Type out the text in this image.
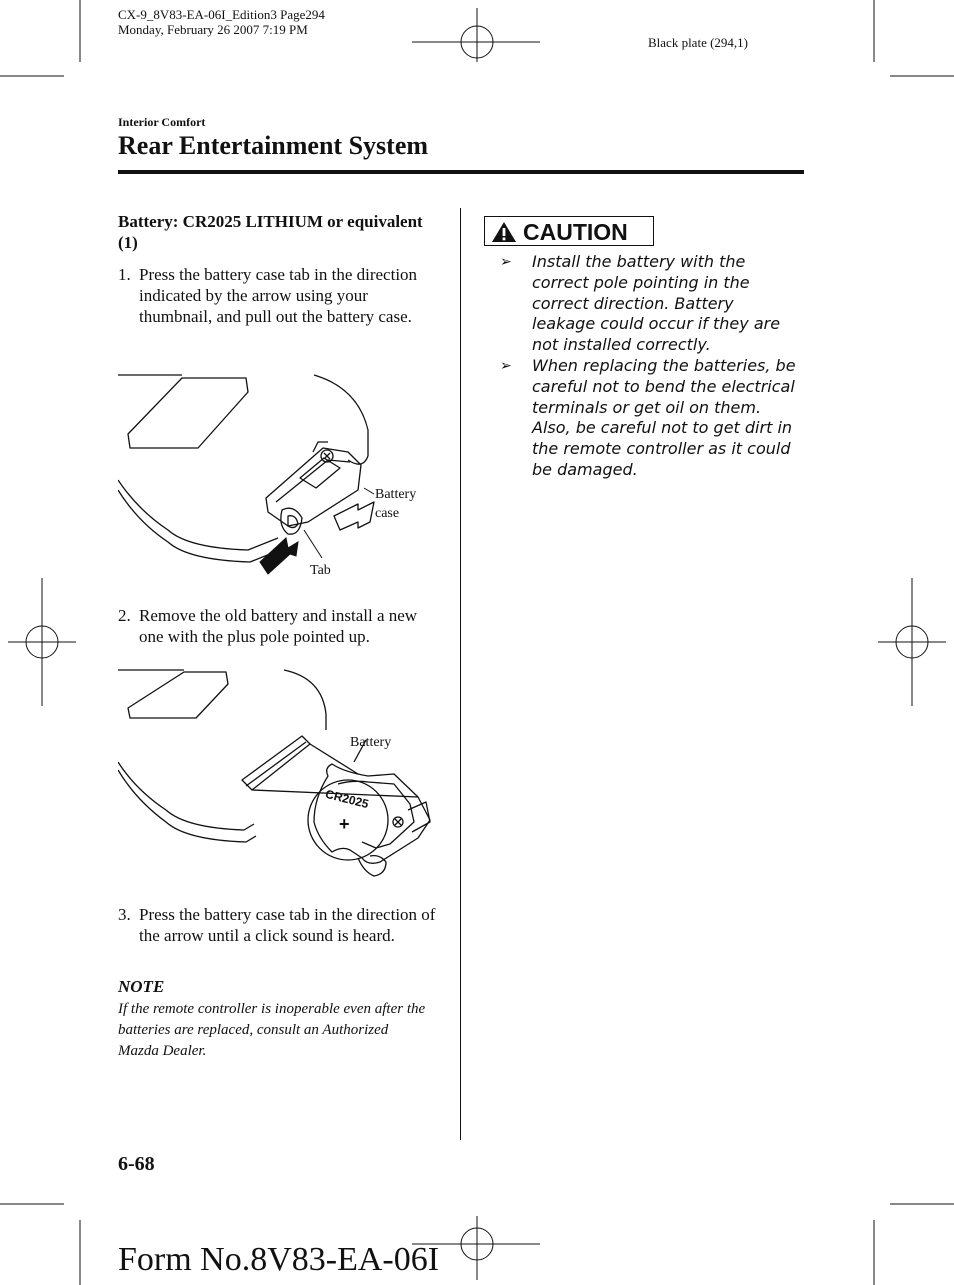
CX-9_8V83-EA-06I_Edition3 Page294
Monday, February 26 2007 7:19 PM
Black plate (294,1)
Interior Comfort
Rear Entertainment System
Battery: CR2025 LITHIUM or equivalent (1)
1. Press the battery case tab in the direction indicated by the arrow using your thumbnail, and pull out the battery case.
Battery
case
Tab
2. Remove the old battery and install a new one with the plus pole pointed up.
CR2025
+
Battery
3. Press the battery case tab in the direction of the arrow until a click sound is heard.
NOTE
If the remote controller is inoperable even after the batteries are replaced, consult an Authorized Mazda Dealer.
CAUTION
➢ Install the battery with the correct pole pointing in the correct direction. Battery leakage could occur if they are not installed correctly.
➢ When replacing the batteries, be careful not to bend the electrical terminals or get oil on them. Also, be careful not to get dirt in the remote controller as it could be damaged.
6-68
Form No.8V83-EA-06I
